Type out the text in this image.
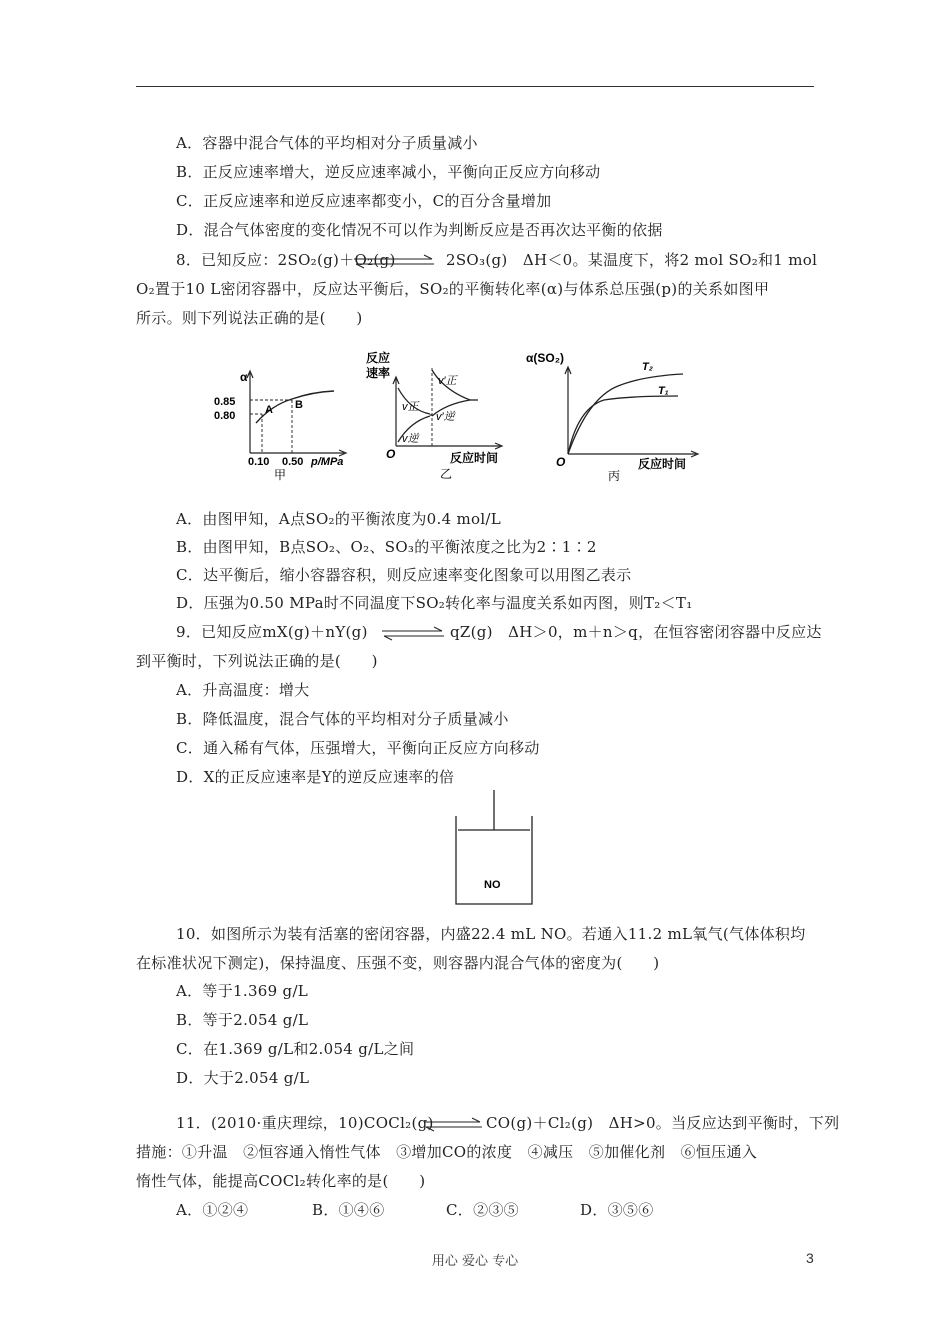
A．容器中混合气体的平均相对分子质量减小
B．正反应速率增大，逆反应速率减小，平衡向正反应方向移动
C．正反应速率和逆反应速率都变小，C的百分含量增加
D．混合气体密度的变化情况不可以作为判断反应是否再次达平衡的依据
8．已知反应：2SO₂(g)＋O₂(g)	2SO₃(g)　ΔH＜0。某温度下，将2 mol SO₂和1 mol
O₂置于10 L密闭容器中，反应达平衡后，SO₂的平衡转化率(α)与体系总压强(p)的关系如图甲
所示。则下列说法正确的是(　　)
α
0.85
0.80	A B
0.10 0.50 p/MPa
甲
反应
速率
O
v正
v逆
v′正
v′逆
反应时间
乙
α(SO₂)
O
T₂
T₁
反应时间
丙
A．由图甲知，A点SO₂的平衡浓度为0.4 mol/L
B．由图甲知，B点SO₂、O₂、SO₃的平衡浓度之比为2∶1∶2
C．达平衡后，缩小容器容积，则反应速率变化图象可以用图乙表示
D．压强为0.50 MPa时不同温度下SO₂转化率与温度关系如丙图，则T₂＜T₁
9．已知反应mX(g)＋nY(g)	qZ(g)　ΔH＞0，m＋n＞q，在恒容密闭容器中反应达
到平衡时，下列说法正确的是(　　)
A．升高温度：增大
B．降低温度，混合气体的平均相对分子质量减小
C．通入稀有气体，压强增大，平衡向正反应方向移动
D．X的正反应速率是Y的逆反应速率的倍
NO
10．如图所示为装有活塞的密闭容器，内盛22.4 mL NO。若通入11.2 mL氧气(气体体积均
在标准状况下测定)，保持温度、压强不变，则容器内混合气体的密度为(　　)
A．等于1.369 g/L
B．等于2.054 g/L
C．在1.369 g/L和2.054 g/L之间
D．大于2.054 g/L
11．(2010·重庆理综，10)COCl₂(g) ⇌ CO(g)＋Cl₂(g)　ΔH>0。当反应达到平衡时，下列
措施：①升温　②恒容通入惰性气体　③增加CO的浓度　④减压　⑤加催化剂　⑥恒压通入
惰性气体，能提高COCl₂转化率的是(　　)
A．①②④	B．①④⑥	C．②③⑤	D．③⑤⑥
用心 爱心 专心	3
